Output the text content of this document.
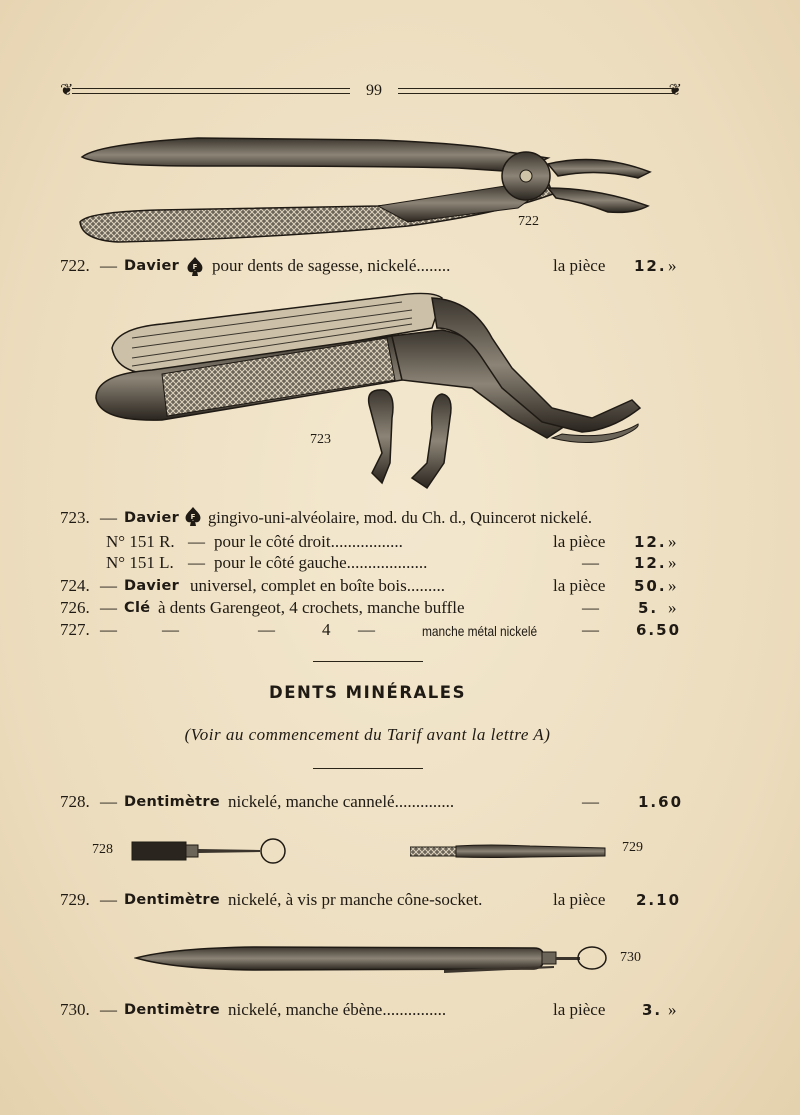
❦	99	❦
722
722. — Davier F pour dents de sagesse, nickelé........	la pièce 12. »
723
723. — Davier F gingivo-uni-alvéolaire, mod. du Ch. d., Quincerot nickelé.
N° 151 R. — pour le côté droit.................	la pièce 12. »
N° 151 L. — pour le côté gauche...................	— 12. »
724. — Davier universel, complet en boîte bois.........	la pièce 50. »
726. — Clé à dents Garengeot, 4 crochets, manche buffle	—	5. »
727. —	—	—	4 —	manche métal nickelé	— 6.50
DENTS MINÉRALES
(Voir au commencement du Tarif avant la lettre A)
728. — Dentimètre nickelé, manche cannelé..............	—	1.60
728	729
729. — Dentimètre nickelé, à vis pr manche cône-socket.	la pièce 2.10
730
730. — Dentimètre nickelé, manche ébène...............	la pièce 3. »
